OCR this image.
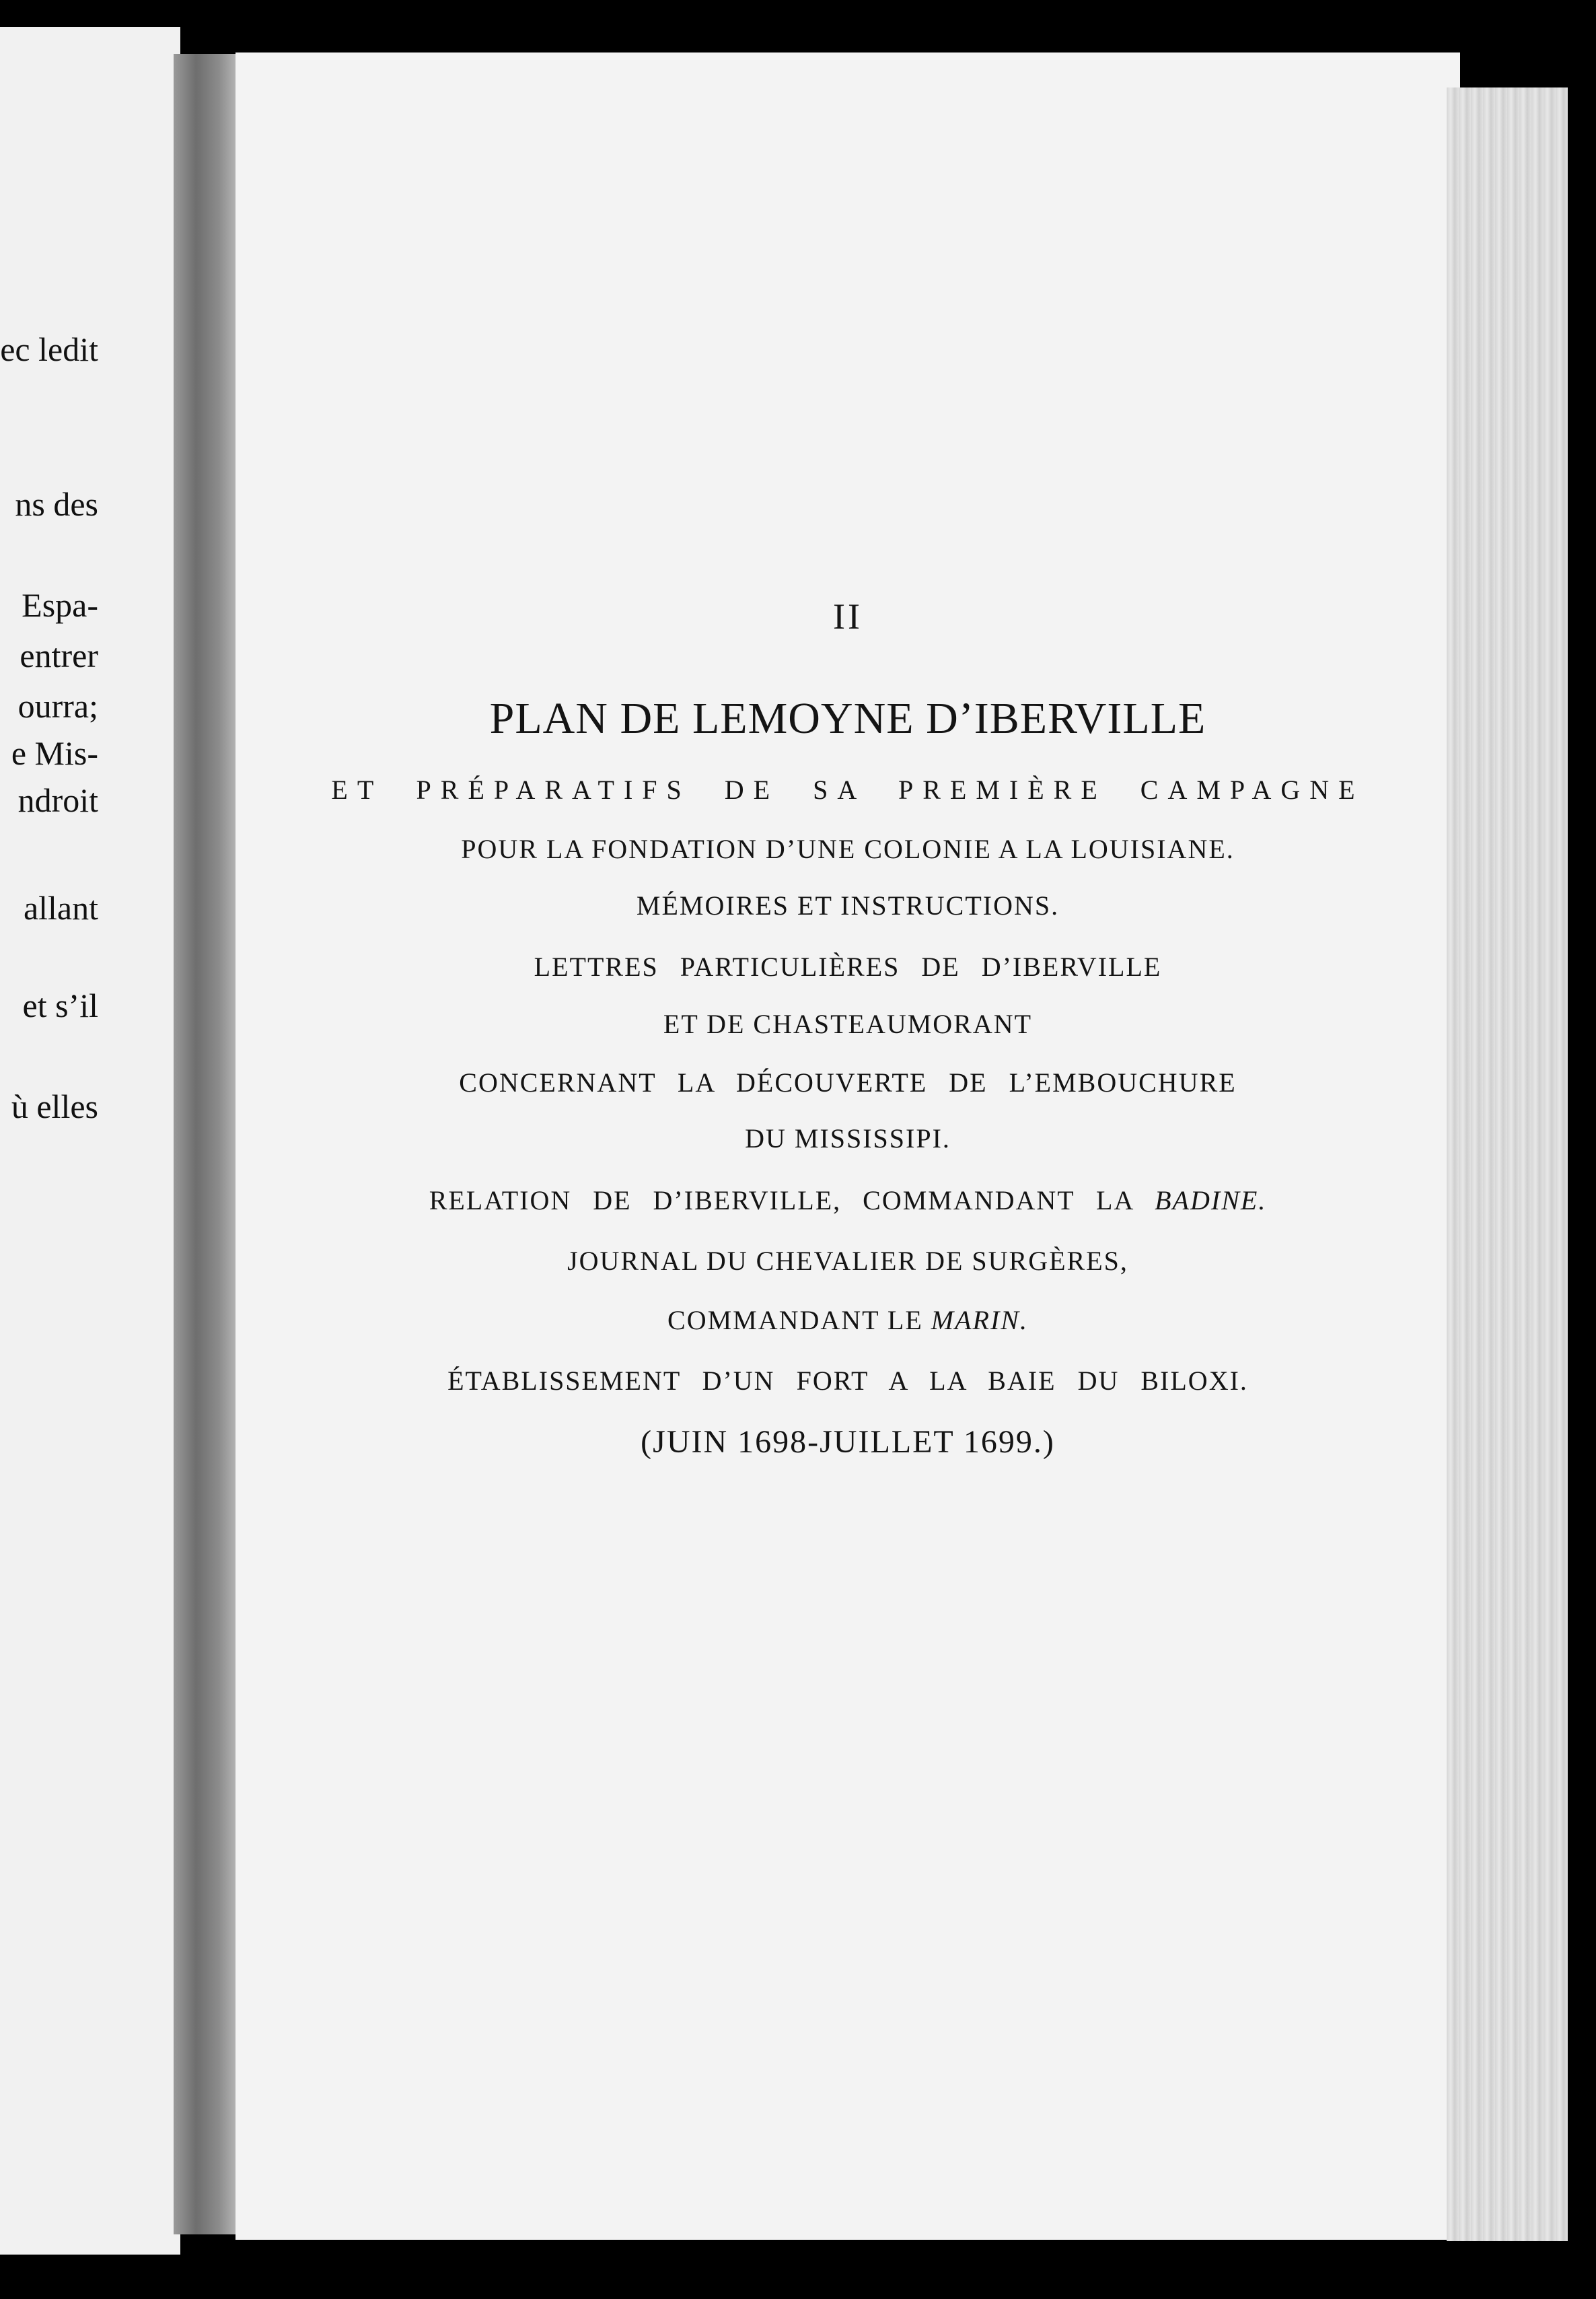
ec ledit
ns des
Espa-
entrer
ourra;
e Mis-
ndroit
allant
et s’il
ù elles
II
PLAN DE LEMOYNE D’IBERVILLE
ET PRÉPARATIFS DE SA PREMIÈRE CAMPAGNE
POUR LA FONDATION D’UNE COLONIE A LA LOUISIANE.
MÉMOIRES ET INSTRUCTIONS.
LETTRES PARTICULIÈRES DE D’IBERVILLE
ET DE CHASTEAUMORANT
CONCERNANT LA DÉCOUVERTE DE L’EMBOUCHURE
DU MISSISSIPI.
RELATION DE D’IBERVILLE, COMMANDANT LA BADINE.
JOURNAL DU CHEVALIER DE SURGÈRES,
COMMANDANT LE MARIN.
ÉTABLISSEMENT D’UN FORT A LA BAIE DU BILOXI.
(JUIN 1698-JUILLET 1699.)
